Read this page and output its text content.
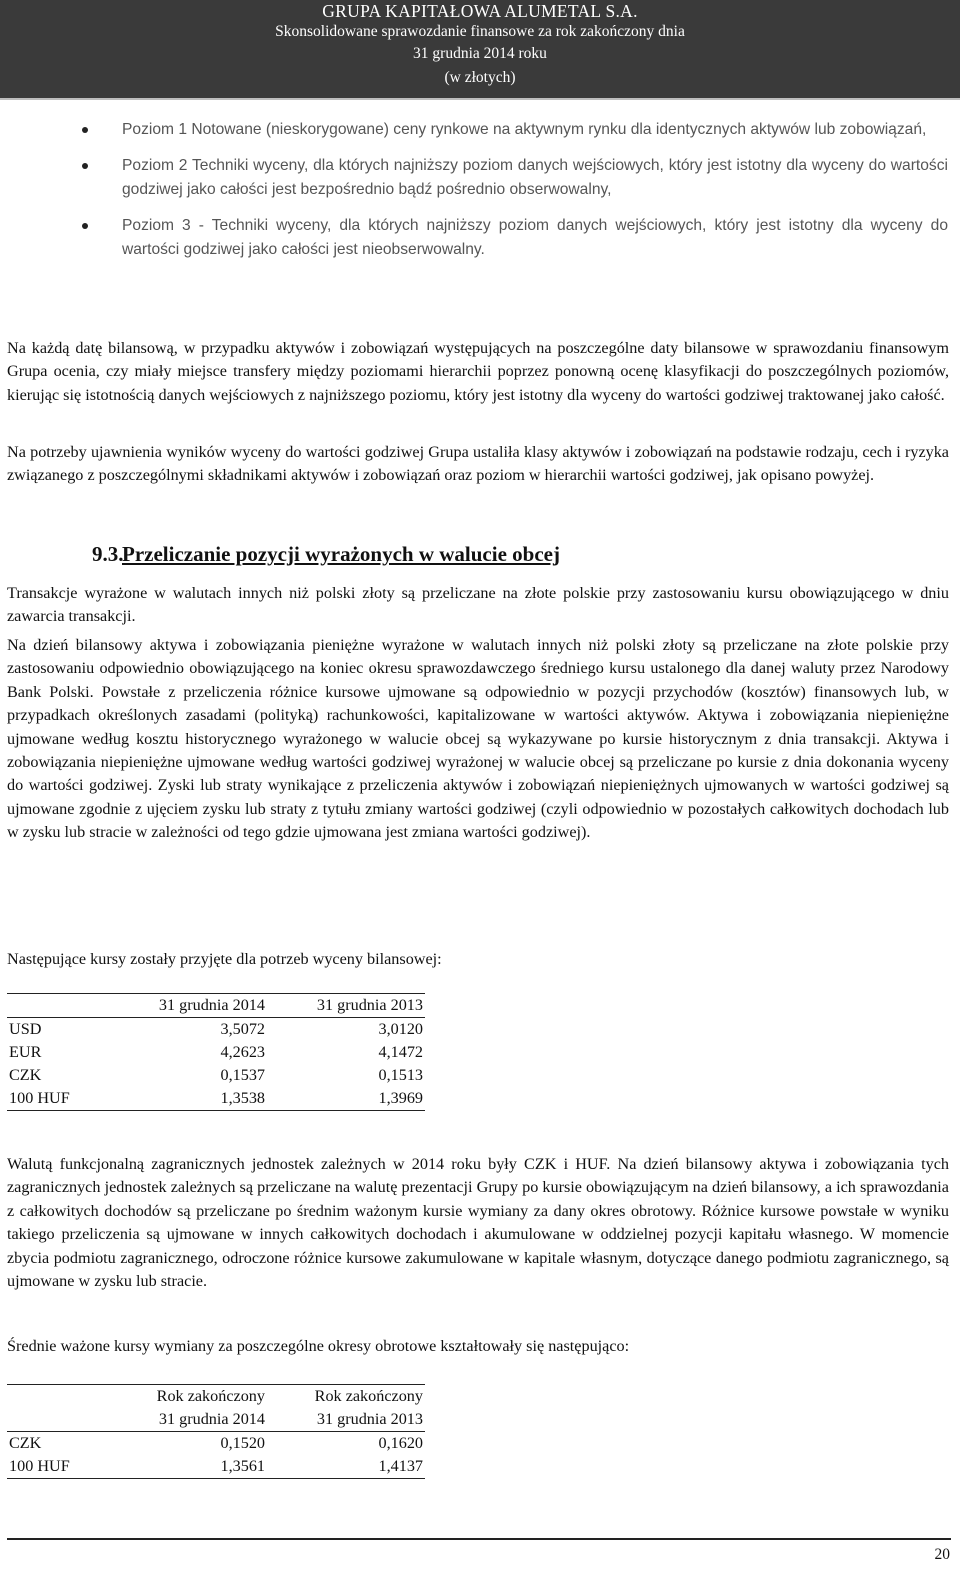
GRUPA KAPITAŁOWA ALUMETAL S.A.
Skonsolidowane sprawozdanie finansowe za rok zakończony dnia
31 grudnia 2014 roku
(w złotych)
Poziom 1 Notowane (nieskorygowane) ceny rynkowe na aktywnym rynku dla identycznych aktywów lub zobowiązań,
Poziom 2 Techniki wyceny, dla których najniższy poziom danych wejściowych, który jest istotny dla wyceny do wartości godziwej jako całości jest bezpośrednio bądź pośrednio obserwowalny,
Poziom 3 - Techniki wyceny, dla których najniższy poziom danych wejściowych, który jest istotny dla wyceny do wartości godziwej jako całości jest nieobserwowalny.

Na każdą datę bilansową, w przypadku aktywów i zobowiązań występujących na poszczególne daty bilansowe w sprawozdaniu finansowym Grupa ocenia, czy miały miejsce transfery między poziomami hierarchii poprzez ponowną ocenę klasyfikacji do poszczególnych poziomów, kierując się istotnością danych wejściowych z najniższego poziomu, który jest istotny dla wyceny do wartości godziwej traktowanej jako całość.

Na potrzeby ujawnienia wyników wyceny do wartości godziwej Grupa ustaliła klasy aktywów i zobowiązań na podstawie rodzaju, cech i ryzyka związanego z poszczególnymi składnikami aktywów i zobowiązań oraz poziom w hierarchii wartości godziwej, jak opisano powyżej.

9.3.
Przeliczanie pozycji wyrażonych w walucie obcej

Transakcje wyrażone w walutach innych niż polski złoty są przeliczane na złote polskie przy zastosowaniu kursu obowiązującego w dniu zawarcia transakcji.

Na dzień bilansowy aktywa i zobowiązania pieniężne wyrażone w walutach innych niż polski złoty są przeliczane na złote polskie przy zastosowaniu odpowiednio obowiązującego na koniec okresu sprawozdawczego średniego kursu ustalonego dla danej waluty przez Narodowy Bank Polski. Powstałe z przeliczenia różnice kursowe ujmowane są odpowiednio w pozycji przychodów (kosztów) finansowych lub, w przypadkach określonych zasadami (polityką) rachunkowości, kapitalizowane w wartości aktywów. Aktywa i zobowiązania niepieniężne ujmowane według kosztu historycznego wyrażonego w walucie obcej są wykazywane po kursie historycznym z dnia transakcji. Aktywa i zobowiązania niepieniężne ujmowane według wartości godziwej wyrażonej w walucie obcej są przeliczane po kursie z dnia dokonania wyceny do wartości godziwej. Zyski lub straty wynikające z przeliczenia aktywów i zobowiązań niepieniężnych ujmowanych w wartości godziwej są ujmowane zgodnie z ujęciem zysku lub straty z tytułu zmiany wartości godziwej (czyli odpowiednio w pozostałych całkowitych dochodach lub w zysku lub stracie w zależności od tego gdzie ujmowana jest zmiana wartości godziwej).

Następujące kursy zostały przyjęte dla potrzeb wyceny bilansowej:

	31 grudnia 2014	31 grudnia 2013
USD	3,5072	3,0120
EUR	4,2623	4,1472
CZK	0,1537	0,1513
100 HUF	1,3538	1,3969

Walutą funkcjonalną zagranicznych jednostek zależnych w 2014 roku były CZK i HUF. Na dzień bilansowy aktywa i zobowiązania tych zagranicznych jednostek zależnych są przeliczane na walutę prezentacji Grupy po kursie obowiązującym na dzień bilansowy, a ich sprawozdania z całkowitych dochodów są przeliczane po średnim ważonym kursie wymiany za dany okres obrotowy. Różnice kursowe powstałe w wyniku takiego przeliczenia są ujmowane w innych całkowitych dochodach i akumulowane w oddzielnej pozycji kapitału własnego. W momencie zbycia podmiotu zagranicznego, odroczone różnice kursowe zakumulowane w kapitale własnym, dotyczące danego podmiotu zagranicznego, są ujmowane w zysku lub stracie.

Średnie ważone kursy wymiany za poszczególne okresy obrotowe kształtowały się następująco:

	Rok zakończony	Rok zakończony
	31 grudnia 2014	31 grudnia 2013
CZK	0,1520	0,1620
100 HUF	1,3561	1,4137
20
